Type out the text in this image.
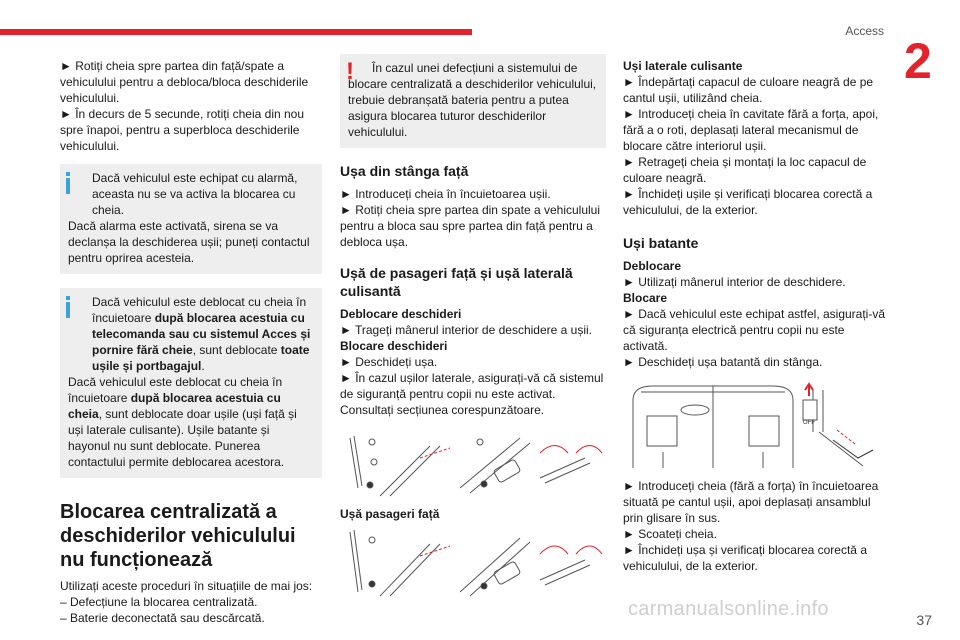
Access
2

► Rotiți cheia spre partea din față/spate a vehiculului pentru a debloca/bloca deschiderile vehiculului.

► În decurs de 5 secunde, rotiți cheia din nou spre înapoi, pentru a superbloca deschiderile vehiculului.

Dacă vehiculul este echipat cu alarmă, aceasta nu se va activa la blocarea cu cheia.

Dacă alarma este activată, sirena se va declanșa la deschiderea ușii; puneți contactul pentru oprirea acesteia.

Dacă vehiculul este deblocat cu cheia în încuietoare după blocarea acestuia cu telecomanda sau cu sistemul Acces și pornire fără cheie, sunt deblocate toate ușile și portbagajul.

Dacă vehiculul este deblocat cu cheia în încuietoare după blocarea acestuia cu cheia, sunt deblocate doar ușile (uși față și uși laterale culisante). Ușile batante și hayonul nu sunt deblocate. Punerea contactului permite deblocarea acestora.

Blocarea centralizată a deschiderilor vehiculului nu funcționează

Utilizați aceste proceduri în situațiile de mai jos:

– Defecțiune la blocarea centralizată.

– Baterie deconectată sau descărcată.

!	În cazul unei defecțiuni a sistemului de blocare centralizată a deschiderilor vehiculului, trebuie debranșată bateria pentru a putea asigura blocarea tuturor deschiderilor vehiculului.

Ușa din stânga față

► Introduceți cheia în încuietoarea ușii.

► Rotiți cheia spre partea din spate a vehiculului pentru a bloca sau spre partea din față pentru a debloca ușa.

Ușă de pasageri față și ușă laterală culisantă

Deblocare deschideri

► Trageți mânerul interior de deschidere a ușii.

Blocare deschideri

► Deschideți ușa.

► În cazul ușilor laterale, asigurați-vă că sistemul de siguranță pentru copii nu este activat. Consultați secțiunea corespunzătoare.

Ușă pasageri față

Uși laterale culisante

► Îndepărtați capacul de culoare neagră de pe cantul ușii, utilizând cheia.

► Introduceți cheia în cavitate fără a forța, apoi, fără a o roti, deplasați lateral mecanismul de blocare către interiorul ușii.

► Retrageți cheia și montați la loc capacul de culoare neagră.

► Închideți ușile și verificați blocarea corectă a vehiculului, de la exterior.

Uși batante

Deblocare

► Utilizați mânerul interior de deschidere.

Blocare

► Dacă vehiculul este echipat astfel, asigurați-vă că siguranța electrică pentru copii nu este activată.

► Deschideți ușa batantă din stânga.

OFF

► Introduceți cheia (fără a forța) în încuietoarea situată pe cantul ușii, apoi deplasați ansamblul prin glisare în sus.

► Scoateți cheia.

► Închideți ușa și verificați blocarea corectă a vehiculului, de la exterior.

carmanualsonline.info	37
